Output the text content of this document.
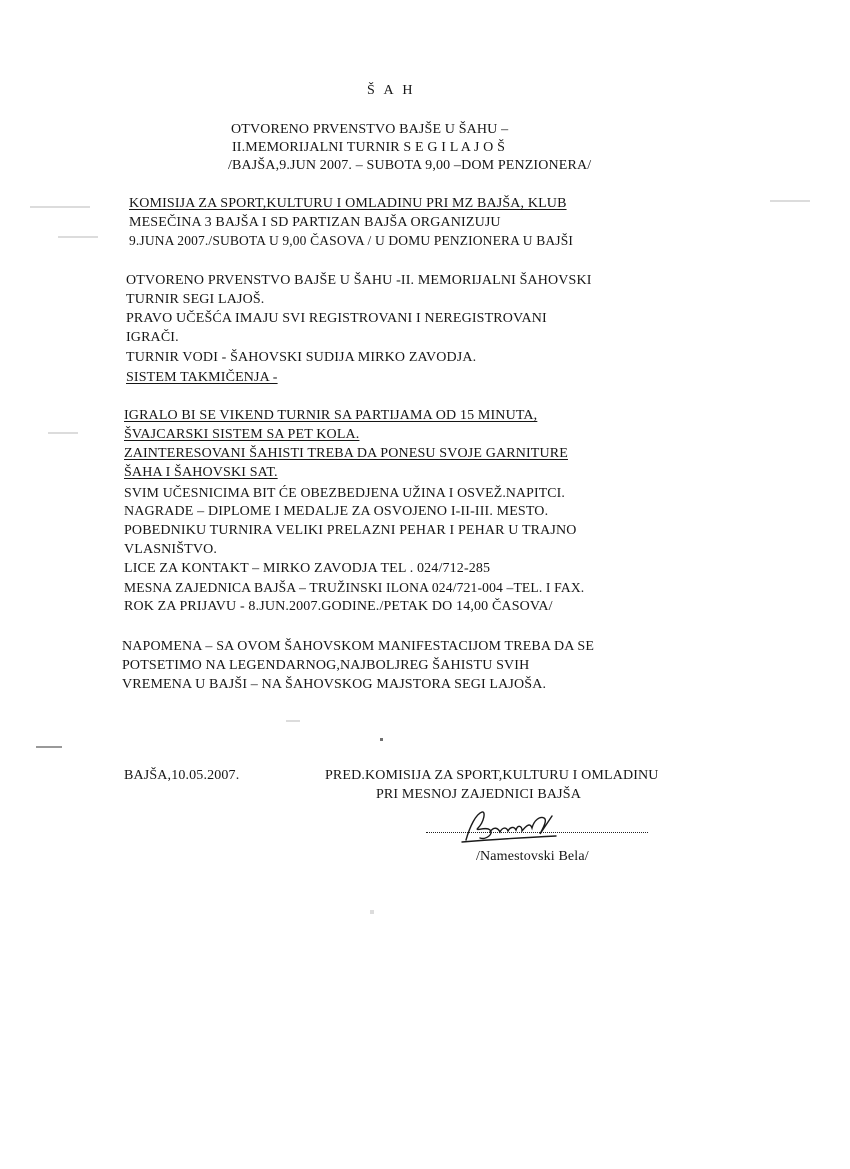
Š A H
OTVORENO PRVENSTVO BAJŠE U ŠAHU –
II.MEMORIJALNI TURNIR S E G I L A J O Š
/BAJŠA,9.JUN 2007. – SUBOTA 9,00 –DOM PENZIONERA/
KOMISIJA ZA SPORT,KULTURU I OMLADINU PRI MZ BAJŠA, KLUB
MESEČINA 3 BAJŠA I SD PARTIZAN BAJŠA ORGANIZUJU
9.JUNA 2007./SUBOTA U 9,00 ČASOVA / U DOMU PENZIONERA U BAJŠI
OTVORENO PRVENSTVO BAJŠE U ŠAHU -II. MEMORIJALNI ŠAHOVSKI
TURNIR SEGI LAJOŠ.
PRAVO UČEŠĆA IMAJU SVI REGISTROVANI I NEREGISTROVANI
IGRAČI.
TURNIR VODI - ŠAHOVSKI SUDIJA MIRKO ZAVODJA.
SISTEM TAKMIČENJA -
IGRALO BI SE VIKEND TURNIR SA PARTIJAMA OD 15 MINUTA,
ŠVAJCARSKI SISTEM SA PET KOLA.
ZAINTERESOVANI ŠAHISTI TREBA DA PONESU SVOJE GARNITURE
ŠAHA I ŠAHOVSKI SAT.
SVIM UČESNICIMA BIT ĆE OBEZBEDJENA UŽINA I OSVEŽ.NAPITCI.
NAGRADE – DIPLOME I MEDALJE ZA OSVOJENO I-II-III. MESTO.
POBEDNIKU TURNIRA VELIKI PRELAZNI PEHAR I PEHAR U TRAJNO
VLASNIŠTVO.
LICE ZA KONTAKT – MIRKO ZAVODJA TEL . 024/712-285
MESNA ZAJEDNICA BAJŠA – TRUŽINSKI ILONA 024/721-004 –TEL. I FAX.
ROK ZA PRIJAVU - 8.JUN.2007.GODINE./PETAK DO 14,00 ČASOVA/
NAPOMENA – SA OVOM ŠAHOVSKOM MANIFESTACIJOM TREBA DA SE
POTSETIMO NA LEGENDARNOG,NAJBOLJREG ŠAHISTU SVIH
VREMENA U BAJŠI – NA ŠAHOVSKOG MAJSTORA SEGI LAJOŠA.
BAJŠA,10.05.2007.	PRED.KOMISIJA ZA SPORT,KULTURU I OMLADINU
PRI MESNOJ ZAJEDNICI BAJŠA
/Namestovski Bela/
